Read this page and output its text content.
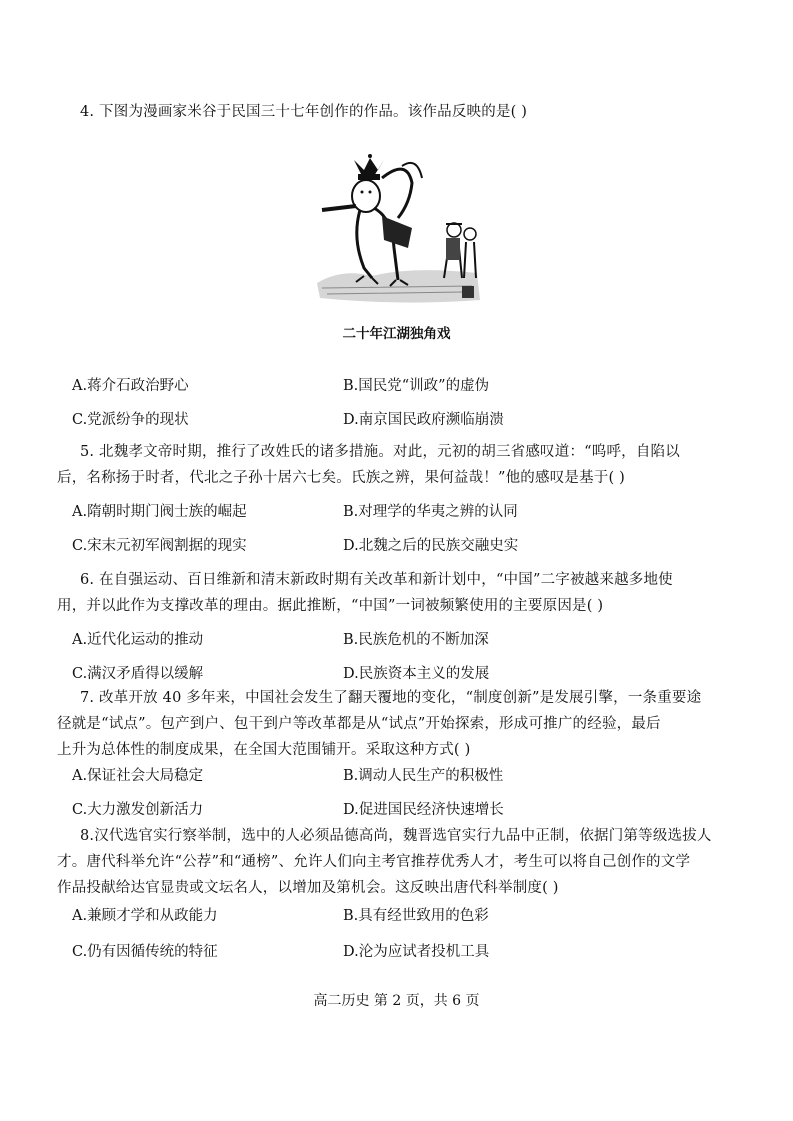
4. 下图为漫画家米谷于民国三十七年创作的作品。该作品反映的是( )
二十年江湖独角戏
A.蒋介石政治野心	B.国民党“训政”的虚伪
C.党派纷争的现状	D.南京国民政府濒临崩溃
5. 北魏孝文帝时期，推行了改姓氏的诸多措施。对此，元初的胡三省感叹道：“呜呼，自陷以
后，名称扬于时者，代北之子孙十居六七矣。氏族之辨，果何益哉！”他的感叹是基于( )
A.隋朝时期门阀士族的崛起	B.对理学的华夷之辨的认同
C.宋末元初军阀割据的现实	D.北魏之后的民族交融史实
6. 在自强运动、百日维新和清末新政时期有关改革和新计划中，“中国”二字被越来越多地使
用，并以此作为支撑改革的理由。据此推断，“中国”一词被频繁使用的主要原因是( )
A.近代化运动的推动	B.民族危机的不断加深
C.满汉矛盾得以缓解	D.民族资本主义的发展
7. 改革开放 40 多年来，中国社会发生了翻天覆地的变化，“制度创新”是发展引擎，一条重要途
径就是“试点”。包产到户、包干到户等改革都是从“试点”开始探索，形成可推广的经验，最后
上升为总体性的制度成果，在全国大范围铺开。采取这种方式( )
A.保证社会大局稳定	B.调动人民生产的积极性
C.大力激发创新活力	D.促进国民经济快速增长
8.汉代选官实行察举制，选中的人必须品德高尚，魏晋选官实行九品中正制，依据门第等级选拔人
才。唐代科举允许“公荐”和“通榜”、允许人们向主考官推荐优秀人才，考生可以将自己创作的文学
作品投献给达官显贵或文坛名人，以增加及第机会。这反映出唐代科举制度( )
A.兼顾才学和从政能力	B.具有经世致用的色彩
C.仍有因循传统的特征	D.沦为应试者投机工具
高二历史 第 2 页，共 6 页
